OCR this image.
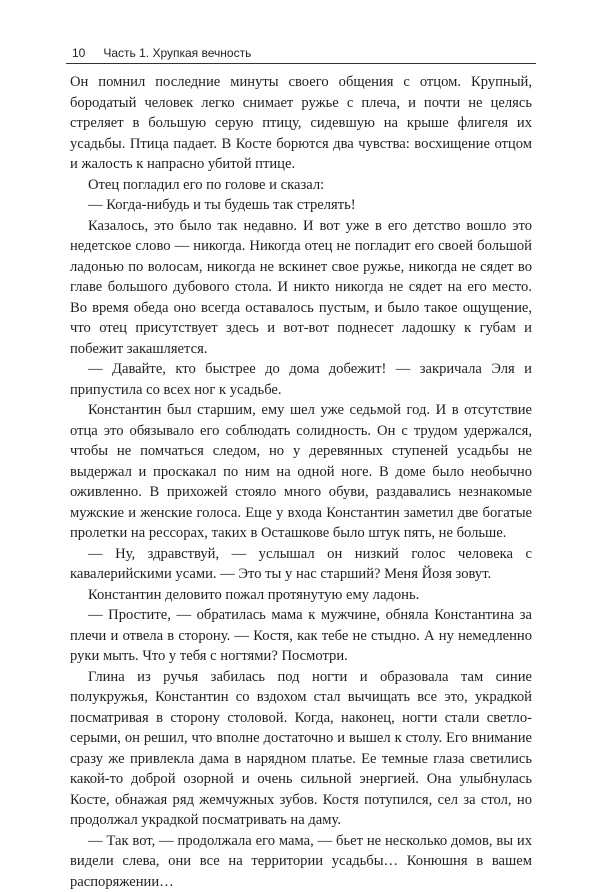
10 Часть 1. Хрупкая вечность

Он помнил последние минуты своего общения с отцом. Крупный, бородатый человек легко снимает ружье с плеча, и почти не целясь стреляет в большую серую птицу, сидевшую на крыше флигеля их усадьбы. Птица падает. В Косте борются два чувства: восхищение отцом и жалость к напрасно убитой птице.

Отец погладил его по голове и сказал:

— Когда-нибудь и ты будешь так стрелять!

Казалось, это было так недавно. И вот уже в его детство вошло это недетское слово — никогда. Никогда отец не погладит его своей большой ладонью по волосам, никогда не вскинет свое ружье, никогда не сядет во главе большого дубового стола. И никто никогда не сядет на его место. Во время обеда оно всегда оставалось пустым, и было такое ощущение, что отец присутствует здесь и вот-вот поднесет ладошку к губам и побежит закашляется.

— Давайте, кто быстрее до дома добежит! — закричала Эля и припустила со всех ног к усадьбе.

Константин был старшим, ему шел уже седьмой год. И в отсутствие отца это обязывало его соблюдать солидность. Он с трудом удержался, чтобы не помчаться следом, но у деревянных ступеней усадьбы не выдержал и проскакал по ним на одной ноге. В доме было необычно оживленно. В прихожей стояло много обуви, раздавались незнакомые мужские и женские голоса. Еще у входа Константин заметил две богатые пролетки на рессорах, таких в Осташкове было штук пять, не больше.

— Ну, здравствуй, — услышал он низкий голос человека с кавалерийскими усами. — Это ты у нас старший? Меня Йозя зовут.

Константин деловито пожал протянутую ему ладонь.

— Простите, — обратилась мама к мужчине, обняла Константина за плечи и отвела в сторону. — Костя, как тебе не стыдно. А ну немедленно руки мыть. Что у тебя с ногтями? Посмотри.

Глина из ручья забилась под ногти и образовала там синие полукружья, Константин со вздохом стал вычищать все это, украдкой посматривая в сторону столовой. Когда, наконец, ногти стали светло-серыми, он решил, что вполне достаточно и вышел к столу. Его внимание сразу же привлекла дама в нарядном платье. Ее темные глаза светились какой-то доброй озорной и очень сильной энергией. Она улыбнулась Косте, обнажая ряд жемчужных зубов. Костя потупился, сел за стол, но продолжал украдкой посматривать на даму.

— Так вот, — продолжала его мама, — бьет не несколько домов, вы их видели слева, они все на территории усадьбы… Конюшня в вашем распоряжении…
